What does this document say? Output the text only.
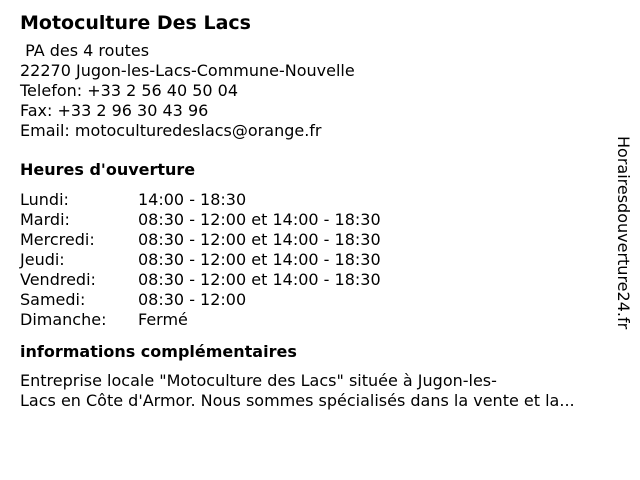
Motoculture Des Lacs
PA des 4 routes
22270 Jugon-les-Lacs-Commune-Nouvelle
Telefon: +33 2 56 40 50 04
Fax: +33 2 96 30 43 96
Email: motoculturedeslacs@orange.fr
Heures d'ouverture
Lundi:	14:00 - 18:30
Mardi:	08:30 - 12:00 et 14:00 - 18:30
Mercredi:	08:30 - 12:00 et 14:00 - 18:30
Jeudi:	08:30 - 12:00 et 14:00 - 18:30
Vendredi:	08:30 - 12:00 et 14:00 - 18:30
Samedi:	08:30 - 12:00
Dimanche:	Fermé
informations complémentaires
Entreprise locale "Motoculture des Lacs" située à Jugon-les-
Lacs en Côte d'Armor. Nous sommes spécialisés dans la vente et la...
Horairesdouverture24.fr
